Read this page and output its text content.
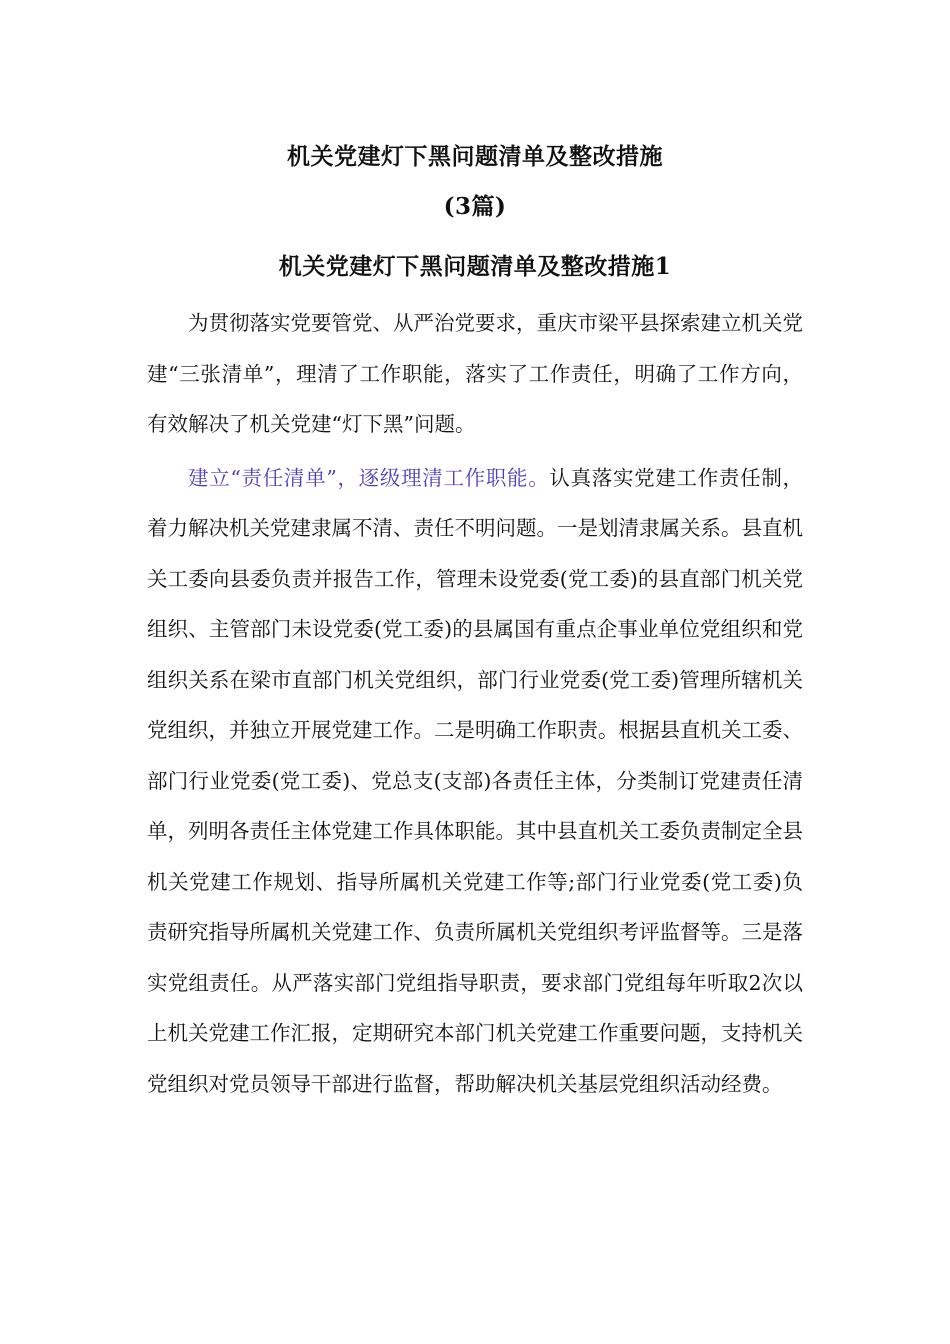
机关党建灯下黑问题清单及整改措施
(3篇)
机关党建灯下黑问题清单及整改措施1

为贯彻落实党要管党、从严治党要求，重庆市梁平县探索建立机关党建“三张清单”，理清了工作职能，落实了工作责任，明确了工作方向，有效解决了机关党建“灯下黑”问题。

建立“责任清单”，逐级理清工作职能。认真落实党建工作责任制，着力解决机关党建隶属不清、责任不明问题。一是划清隶属关系。县直机关工委向县委负责并报告工作，管理未设党委(党工委)的县直部门机关党组织、主管部门未设党委(党工委)的县属国有重点企事业单位党组织和党组织关系在梁市直部门机关党组织，部门行业党委(党工委)管理所辖机关党组织，并独立开展党建工作。二是明确工作职责。根据县直机关工委、部门行业党委(党工委)、党总支(支部)各责任主体，分类制订党建责任清单，列明各责任主体党建工作具体职能。其中县直机关工委负责制定全县机关党建工作规划、指导所属机关党建工作等;部门行业党委(党工委)负责研究指导所属机关党建工作、负责所属机关党组织考评监督等。三是落实党组责任。从严落实部门党组指导职责，要求部门党组每年听取2次以上机关党建工作汇报，定期研究本部门机关党建工作重要问题，支持机关党组织对党员领导干部进行监督，帮助解决机关基层党组织活动经费。
